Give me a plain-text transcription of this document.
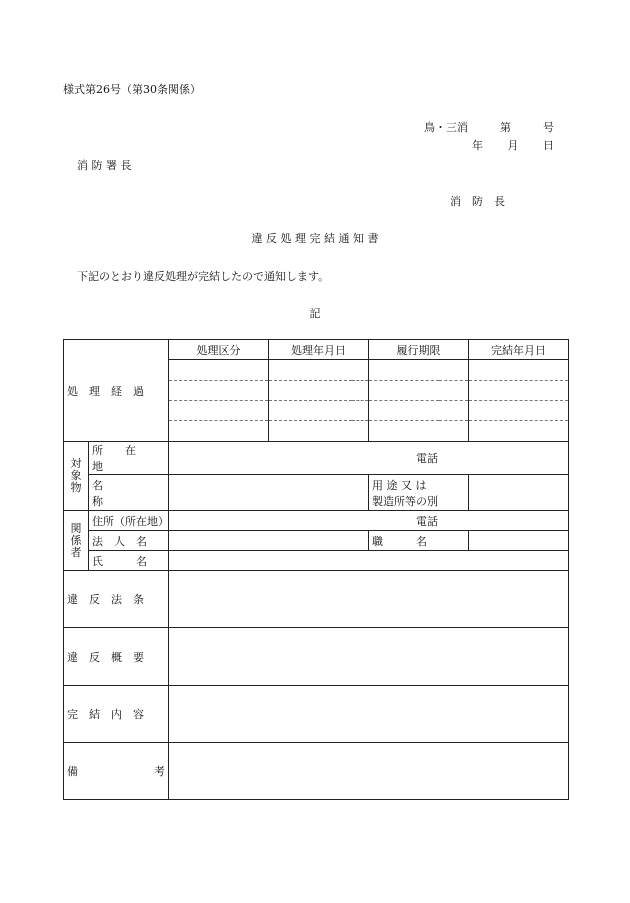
様式第26号（第30条関係）
鳥・三消	第	号
年 月 日
消 防 署 長
消　防　長
違 反 処 理 完 結 通 知 書
下記のとおり違反処理が完結したので通知します。
記
処　理　経　過		処理区分	処理年月日	履行期限	完結年月日

対
象
物	所　　在　　地	電話			

名　　　　　称			用 途 又 は
製造所等の別	

関
係
者	住所（所在地）	電話			

法　人　名			職　　　名	

氏　　　名				

違　反　法　条					

違　反　概　要					

完　結　内　容					

備 考					
